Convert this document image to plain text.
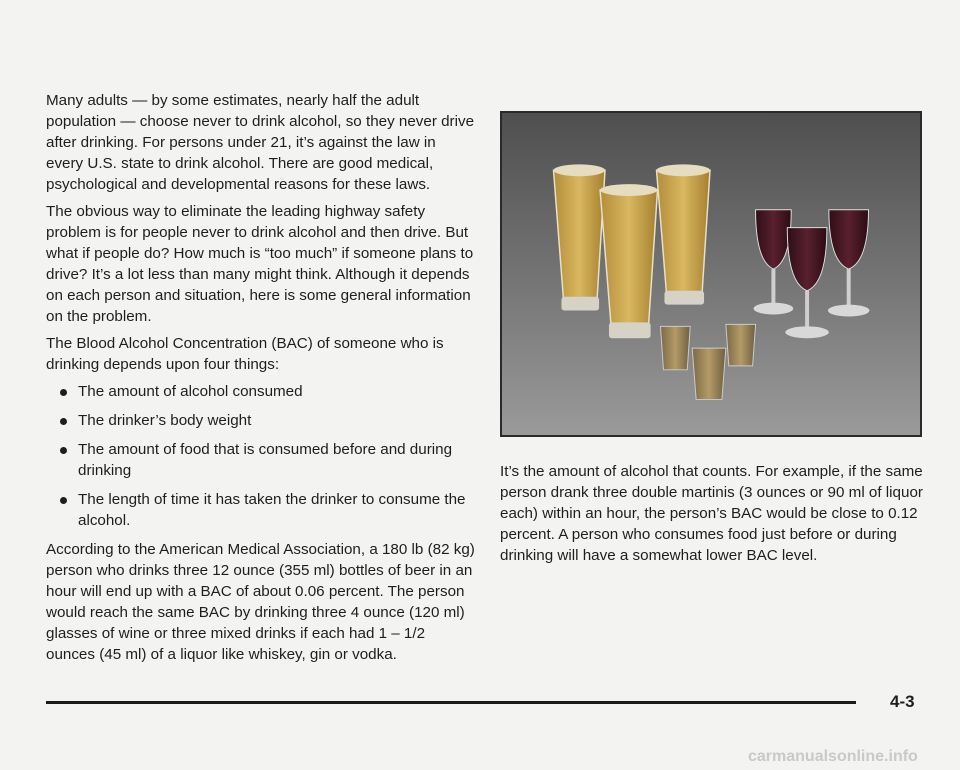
Many adults — by some estimates, nearly half the adult population — choose never to drink alcohol, so they never drive after drinking. For persons under 21, it’s against the law in every U.S. state to drink alcohol. There are good medical, psychological and developmental reasons for these laws.

The obvious way to eliminate the leading highway safety problem is for people never to drink alcohol and then drive. But what if people do? How much is “too much” if someone plans to drive? It’s a lot less than many might think. Although it depends on each person and situation, here is some general information on the problem.

The Blood Alcohol Concentration (BAC) of someone who is drinking depends upon four things:

The amount of alcohol consumed
The drinker’s body weight
The amount of food that is consumed before and during drinking
The length of time it has taken the drinker to consume the alcohol.

According to the American Medical Association, a 180 lb (82 kg) person who drinks three 12 ounce (355 ml) bottles of beer in an hour will end up with a BAC of about 0.06 percent. The person would reach the same BAC by drinking three 4 ounce (120 ml) glasses of wine or three mixed drinks if each had 1 – 1/2 ounces (45 ml) of a liquor like whiskey, gin or vodka.

It’s the amount of alcohol that counts. For example, if the same person drank three double martinis (3 ounces or 90 ml of liquor each) within an hour, the person’s BAC would be close to 0.12 percent. A person who consumes food just before or during drinking will have a somewhat lower BAC level.

4-3
carmanualsonline.info
